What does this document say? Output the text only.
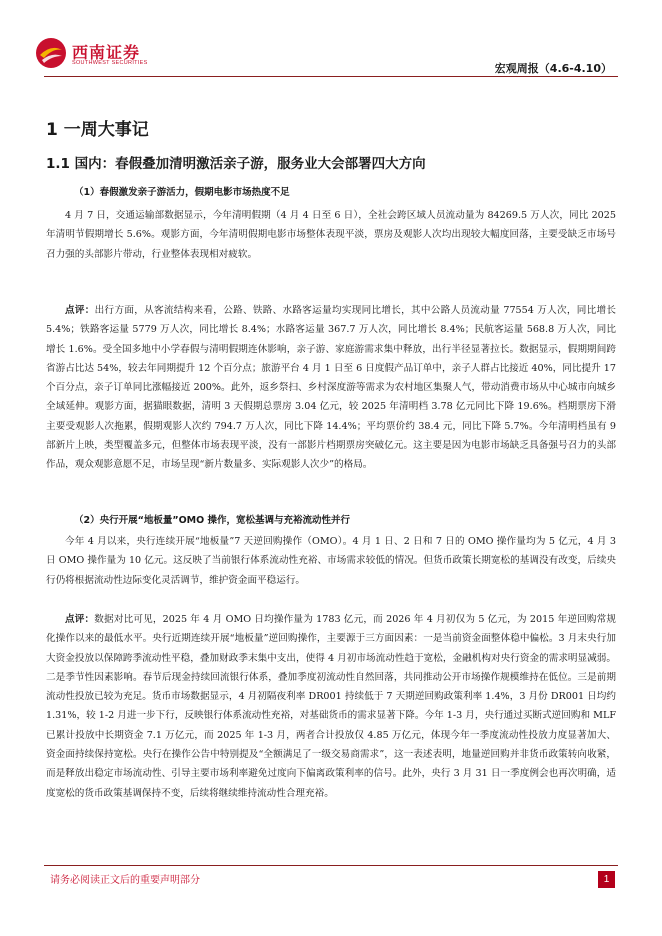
西南证券
SOUTHWEST SECURITIES	宏观周报（4.6-4.10）
1 一周大事记
1.1 国内：春假叠加清明激活亲子游，服务业大会部署四大方向
（1）春假激发亲子游活力，假期电影市场热度不足

4 月 7 日，交通运输部数据显示，今年清明假期（4 月 4 日至 6 日），全社会跨区域人员流动量为 84269.5 万人次，同比 2025 年清明节假期增长 5.6%。观影方面，今年清明假期电影市场整体表现平淡，票房及观影人次均出现较大幅度回落，主要受缺乏市场号召力强的头部影片带动，行业整体表现相对疲软。

点评：出行方面，从客流结构来看，公路、铁路、水路客运量均实现同比增长，其中公路人员流动量 77554 万人次，同比增长 5.4%；铁路客运量 5779 万人次，同比增长 8.4%；水路客运量 367.7 万人次，同比增长 8.4%；民航客运量 568.8 万人次，同比增长 1.6%。受全国多地中小学春假与清明假期连休影响，亲子游、家庭游需求集中释放，出行半径显著拉长。数据显示，假期期间跨省游占比达 54%，较去年同期提升 12 个百分点；旅游平台 4 月 1 日至 6 日度假产品订单中，亲子人群占比接近 40%，同比提升 17 个百分点，亲子订单同比涨幅接近 200%。此外，返乡祭扫、乡村深度游等需求为农村地区集聚人气，带动消费市场从中心城市向城乡全域延伸。观影方面，据猫眼数据，清明 3 天假期总票房 3.04 亿元，较 2025 年清明档 3.78 亿元同比下降 19.6%。档期票房下滑主要受观影人次拖累，假期观影人次约 794.7 万人次，同比下降 14.4%；平均票价约 38.4 元，同比下降 5.7%。今年清明档虽有 9 部新片上映，类型覆盖多元，但整体市场表现平淡，没有一部影片档期票房突破亿元。这主要是因为电影市场缺乏具备强号召力的头部作品，观众观影意愿不足，市场呈现“新片数量多、实际观影人次少”的格局。

（2）央行开展“地板量”OMO 操作，宽松基调与充裕流动性并行

今年 4 月以来，央行连续开展“地板量”7 天逆回购操作（OMO）。4 月 1 日、2 日和 7 日的 OMO 操作量均为 5 亿元，4 月 3 日 OMO 操作量为 10 亿元。这反映了当前银行体系流动性充裕、市场需求较低的情况。但货币政策长期宽松的基调没有改变，后续央行仍将根据流动性边际变化灵活调节，维护资金面平稳运行。

点评：数据对比可见，2025 年 4 月 OMO 日均操作量为 1783 亿元，而 2026 年 4 月初仅为 5 亿元，为 2015 年逆回购常规化操作以来的最低水平。央行近期连续开展“地板量”逆回购操作，主要源于三方面因素：一是当前资金面整体稳中偏松。3 月末央行加大资金投放以保障跨季流动性平稳，叠加财政季末集中支出，使得 4 月初市场流动性趋于宽松，金融机构对央行资金的需求明显减弱。二是季节性因素影响。春节后现金持续回流银行体系，叠加季度初流动性自然回落，共同推动公开市场操作规模维持在低位。三是前期流动性投放已较为充足。货币市场数据显示，4 月初隔夜利率 DR001 持续低于 7 天期逆回购政策利率 1.4%，3 月份 DR001 日均约 1.31%，较 1-2 月进一步下行，反映银行体系流动性充裕，对基础货币的需求显著下降。今年 1-3 月，央行通过买断式逆回购和 MLF 已累计投放中长期资金 7.1 万亿元，而 2025 年 1-3 月，两者合计投放仅 4.85 万亿元，体现今年一季度流动性投放力度显著加大、资金面持续保持宽松。央行在操作公告中特别提及“全额满足了一级交易商需求”，这一表述表明，地量逆回购并非货币政策转向收紧，而是释放出稳定市场流动性、引导主要市场利率避免过度向下偏离政策利率的信号。此外，央行 3 月 31 日一季度例会也再次明确，适度宽松的货币政策基调保持不变，后续将继续维持流动性合理充裕。

请务必阅读正文后的重要声明部分	1
